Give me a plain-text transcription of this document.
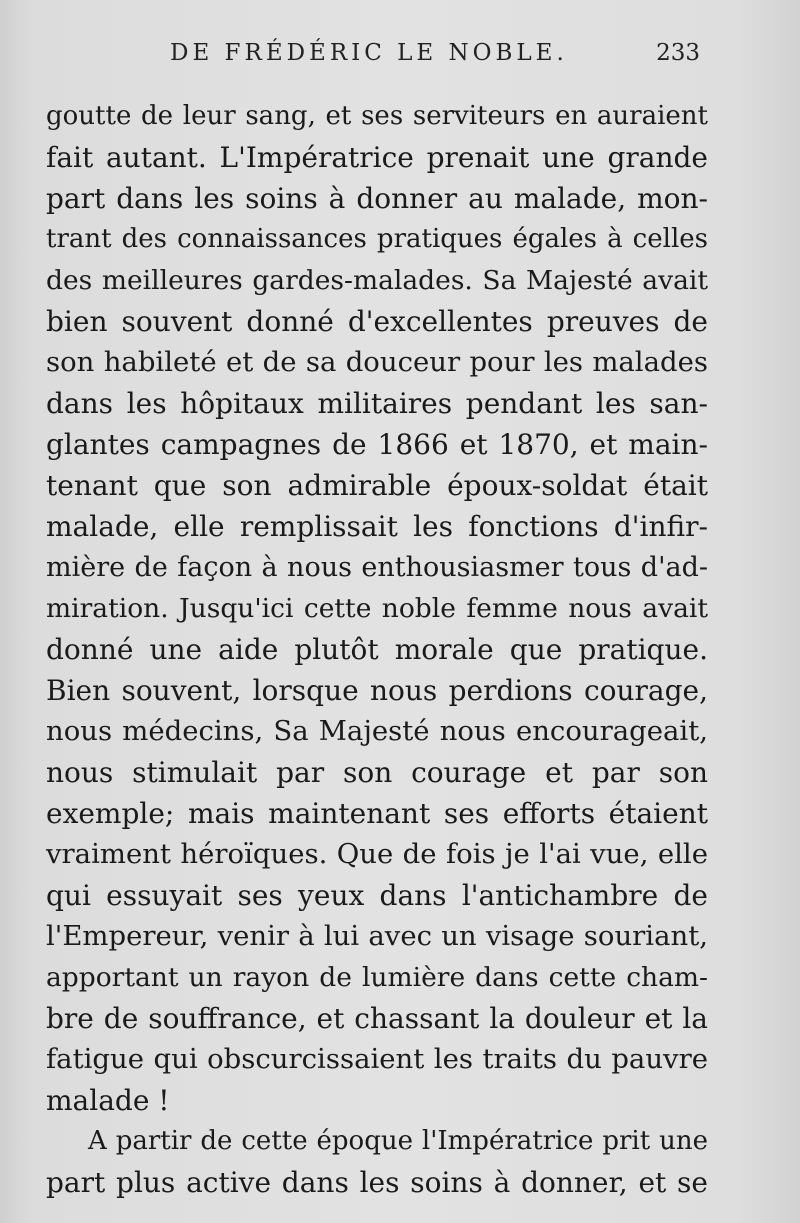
DE FRÉDÉRIC LE NOBLE.	233
goutte de leur sang, et ses serviteurs en auraient
fait autant. L'Impératrice prenait une grande
part dans les soins à donner au malade, mon-
trant des connaissances pratiques égales à celles
des meilleures gardes-malades. Sa Majesté avait
bien souvent donné d'excellentes preuves de
son habileté et de sa douceur pour les malades
dans les hôpitaux militaires pendant les san-
glantes campagnes de 1866 et 1870, et main-
tenant que son admirable époux-soldat était
malade, elle remplissait les fonctions d'infir-
mière de façon à nous enthousiasmer tous d'ad-
miration. Jusqu'ici cette noble femme nous avait
donné une aide plutôt morale que pratique.
Bien souvent, lorsque nous perdions courage,
nous médecins, Sa Majesté nous encourageait,
nous stimulait par son courage et par son
exemple; mais maintenant ses efforts étaient
vraiment héroïques. Que de fois je l'ai vue, elle
qui essuyait ses yeux dans l'antichambre de
l'Empereur, venir à lui avec un visage souriant,
apportant un rayon de lumière dans cette cham-
bre de souffrance, et chassant la douleur et la
fatigue qui obscurcissaient les traits du pauvre
malade !
A partir de cette époque l'Impératrice prit une
part plus active dans les soins à donner, et se
